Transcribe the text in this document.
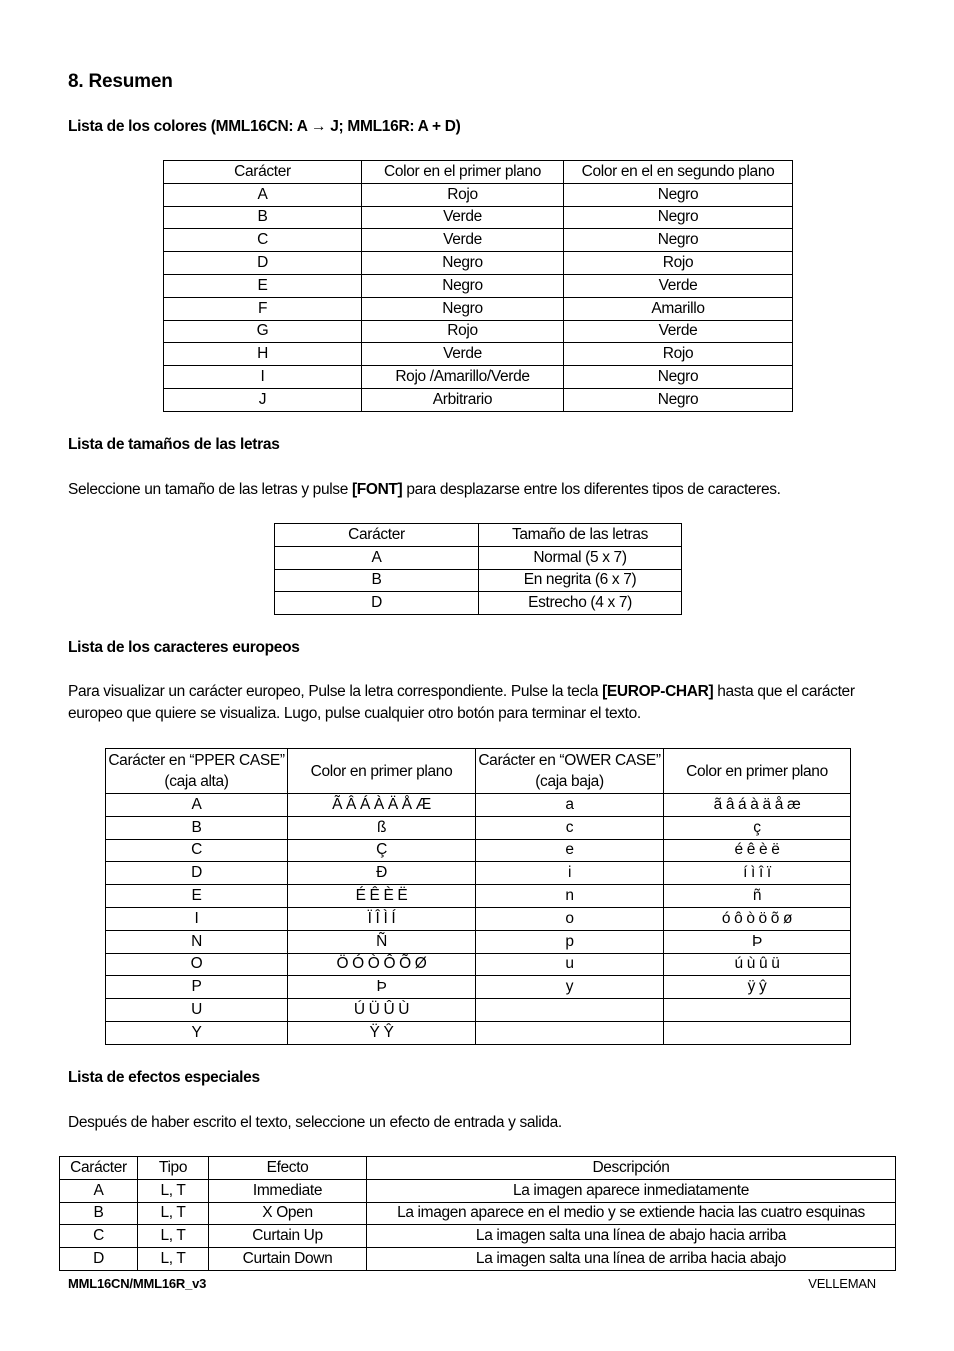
8. Resumen
Lista de los colores (MML16CN: A → J; MML16R: A + D)
Carácter	Color en el primer plano	Color en el en segundo plano
A	Rojo	Negro
B	Verde	Negro
C	Verde	Negro
D	Negro	Rojo
E	Negro	Verde
F	Negro	Amarillo
G	Rojo	Verde
H	Verde	Rojo
I	Rojo /Amarillo/Verde	Negro
J	Arbitrario	Negro
Lista de tamaños de las letras
Seleccione un tamaño de las letras y pulse [FONT] para desplazarse entre los diferentes tipos de caracteres.
Carácter	Tamaño de las letras
A	Normal (5 x 7)
B	En negrita (6 x 7)
D	Estrecho (4 x 7)
Lista de los caracteres europeos
Para visualizar un carácter europeo, Pulse la letra correspondiente. Pulse la tecla [EUROP-CHAR] hasta que el carácter europeo que quiere se visualiza. Lugo, pulse cualquier otro botón para terminar el texto.
Carácter en “PPER CASE” (caja alta)	Color en primer plano	Carácter en “OWER CASE” (caja baja)	Color en primer plano
A	Ã Â Á À Ä Å Æ	a	ã â á à ä å æ
B	ß	c	ç
C	Ç	e	é ê è ë
D	Ð	i	í ì î ï
E	É Ê È Ë	n	ñ
I	Ï Î Ì Í	o	ó ô ò ö õ ø
N	Ñ	p	Þ
O	Ö Ó Ò Ô Õ Ø	u	ú ù û ü
P	Þ	y	ÿ ŷ
U	Ú Ü Û Ù		
Y	Ÿ Ŷ		
Lista de efectos especiales
Después de haber escrito el texto, seleccione un efecto de entrada y salida.
Carácter	Tipo	Efecto	Descripción
A	L, T	Immediate	La imagen aparece inmediatamente
B	L, T	X Open	La imagen aparece en el medio y se extiende hacia las cuatro esquinas
C	L, T	Curtain Up	La imagen salta una línea de abajo hacia arriba
D	L, T	Curtain Down	La imagen salta una línea de arriba hacia abajo
MML16CN/MML16R_v3	VELLEMAN
